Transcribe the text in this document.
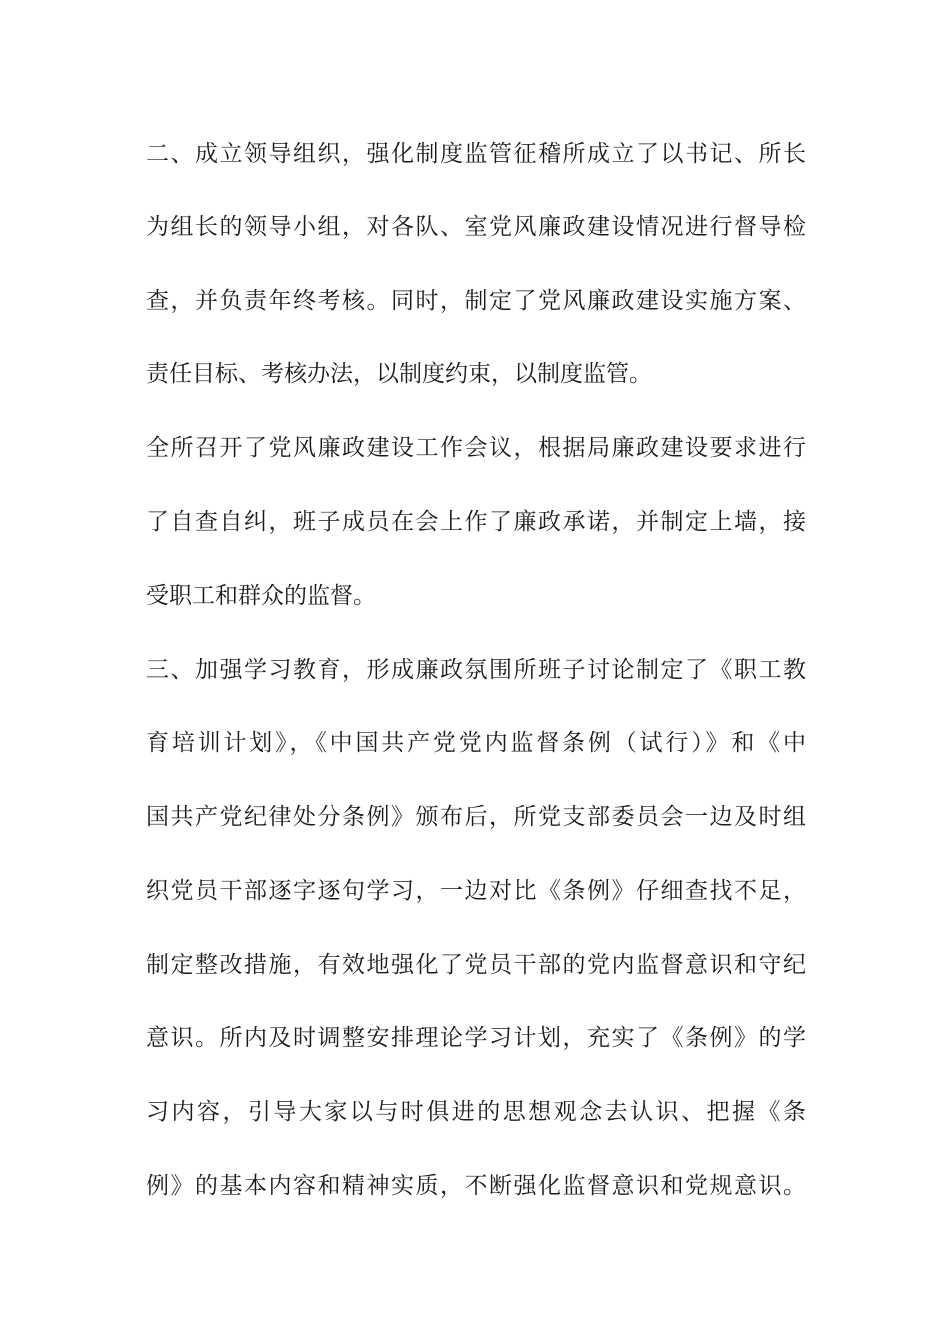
二、成立领导组织，强化制度监管征稽所成立了以书记、所长
为组长的领导小组，对各队、室党风廉政建设情况进行督导检
查，并负责年终考核。同时，制定了党风廉政建设实施方案、
责任目标、考核办法，以制度约束，以制度监管。
全所召开了党风廉政建设工作会议，根据局廉政建设要求进行
了自查自纠，班子成员在会上作了廉政承诺，并制定上墙，接
受职工和群众的监督。
三、加强学习教育，形成廉政氛围所班子讨论制定了《职工教
育培训计划》，《中国共产党党内监督条例（试行）》和《中
国共产党纪律处分条例》颁布后，所党支部委员会一边及时组
织党员干部逐字逐句学习，一边对比《条例》仔细查找不足，
制定整改措施，有效地强化了党员干部的党内监督意识和守纪
意识。所内及时调整安排理论学习计划，充实了《条例》的学
习内容，引导大家以与时俱进的思想观念去认识、把握《条
例》的基本内容和精神实质，不断强化监督意识和党规意识。
